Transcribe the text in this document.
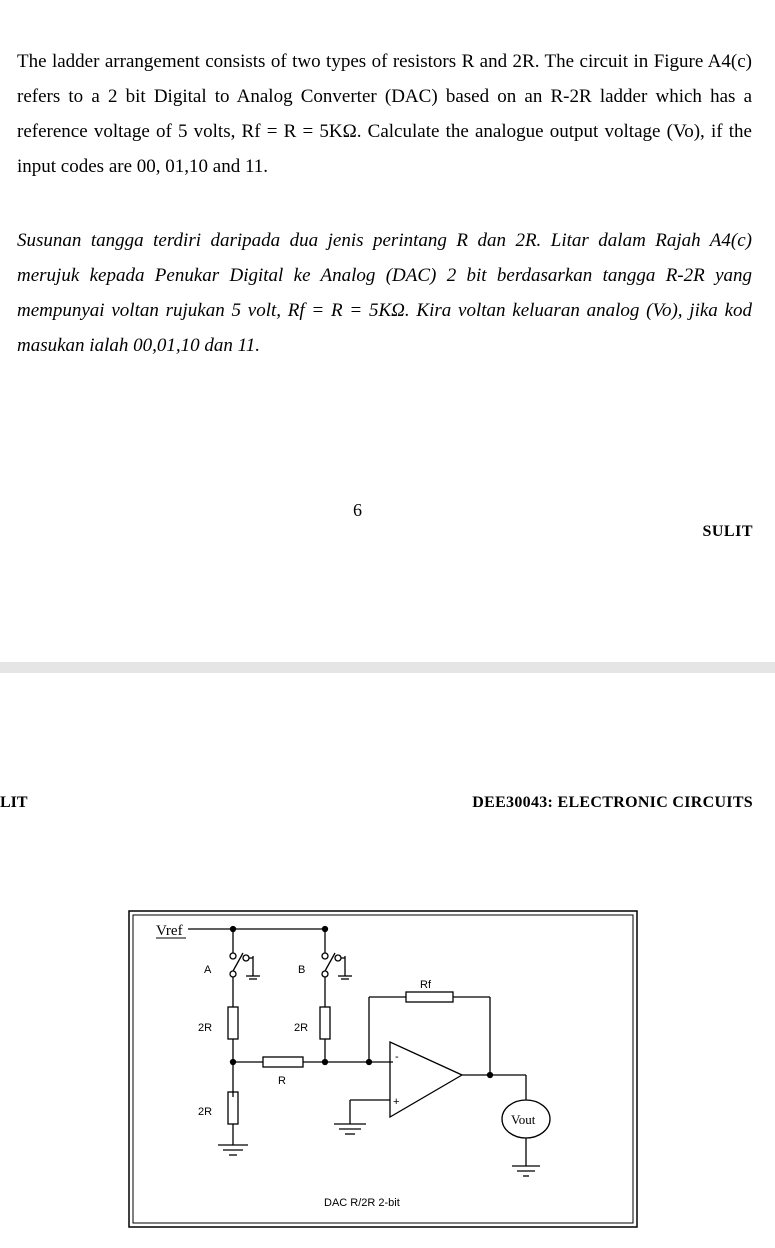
The ladder arrangement consists of two types of resistors R and 2R. The circuit in Figure A4(c) refers to a 2 bit Digital to Analog Converter (DAC) based on an R-2R ladder which has a reference voltage of 5 volts, Rf = R = 5KΩ. Calculate the analogue output voltage (Vo), if the input codes are 00, 01,10 and 11.

Susunan tangga terdiri daripada dua jenis perintang R dan 2R. Litar dalam Rajah A4(c) merujuk kepada Penukar Digital ke Analog (DAC) 2 bit berdasarkan tangga R-2R yang mempunyai voltan rujukan 5 volt, Rf = R = 5KΩ. Kira voltan keluaran analog (Vo), jika kod masukan ialah 00,01,10 dan 11.

6
SULIT
LIT	DEE30043: ELECTRONIC CIRCUITS
Vref
A	B
2R	2R
2R
R
Rf
-
+
Vout
DAC R/2R 2-bit
